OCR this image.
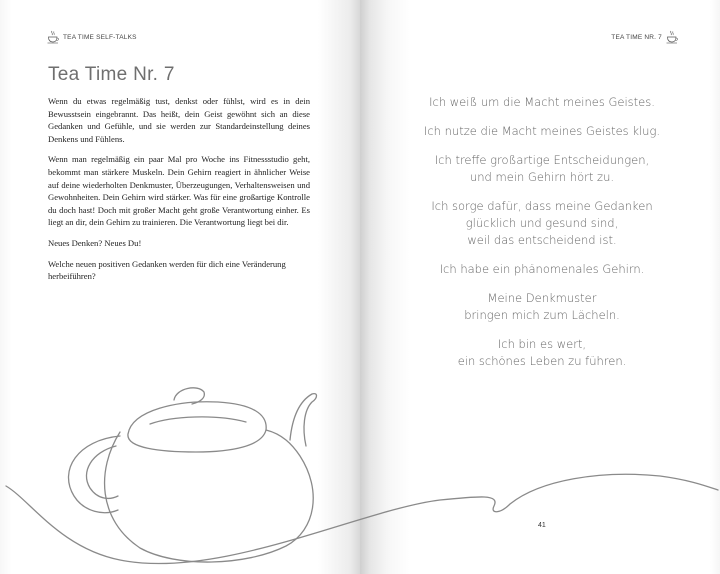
TEA TIME SELF-TALKS	TEA TIME NR. 7
Tea Time Nr. 7

Wenn du etwas regelmäßig tust, denkst oder fühlst, wird es in dein Bewusstsein eingebrannt. Das heißt, dein Geist gewöhnt sich an diese Gedanken und Gefühle, und sie werden zur Standardeinstellung deines Denkens und Fühlens.

Wenn man regelmäßig ein paar Mal pro Woche ins Fitnessstudio geht, bekommt man stärkere Muskeln. Dein Gehirn reagiert in ähnlicher Weise auf deine wiederholten Denkmuster, Überzeugungen, Verhaltensweisen und Gewohnheiten. Dein Gehirn wird stärker. Was für eine großartige Kontrolle du doch hast! Doch mit großer Macht geht große Verantwortung einher. Es liegt an dir, dein Gehirn zu trainieren. Die Verantwortung liegt bei dir.

Neues Denken? Neues Du!

Welche neuen positiven Gedanken werden für dich eine Veränderung herbeiführen?

Ich weiß um die Macht meines Geistes.
Ich nutze die Macht meines Geistes klug.
Ich treffe großartige Entscheidungen,
und mein Gehirn hört zu.
Ich sorge dafür, dass meine Gedanken
glücklich und gesund sind,
weil das entscheidend ist.
Ich habe ein phänomenales Gehirn.
Meine Denkmuster
bringen mich zum Lächeln.
Ich bin es wert,
ein schönes Leben zu führen.
41
